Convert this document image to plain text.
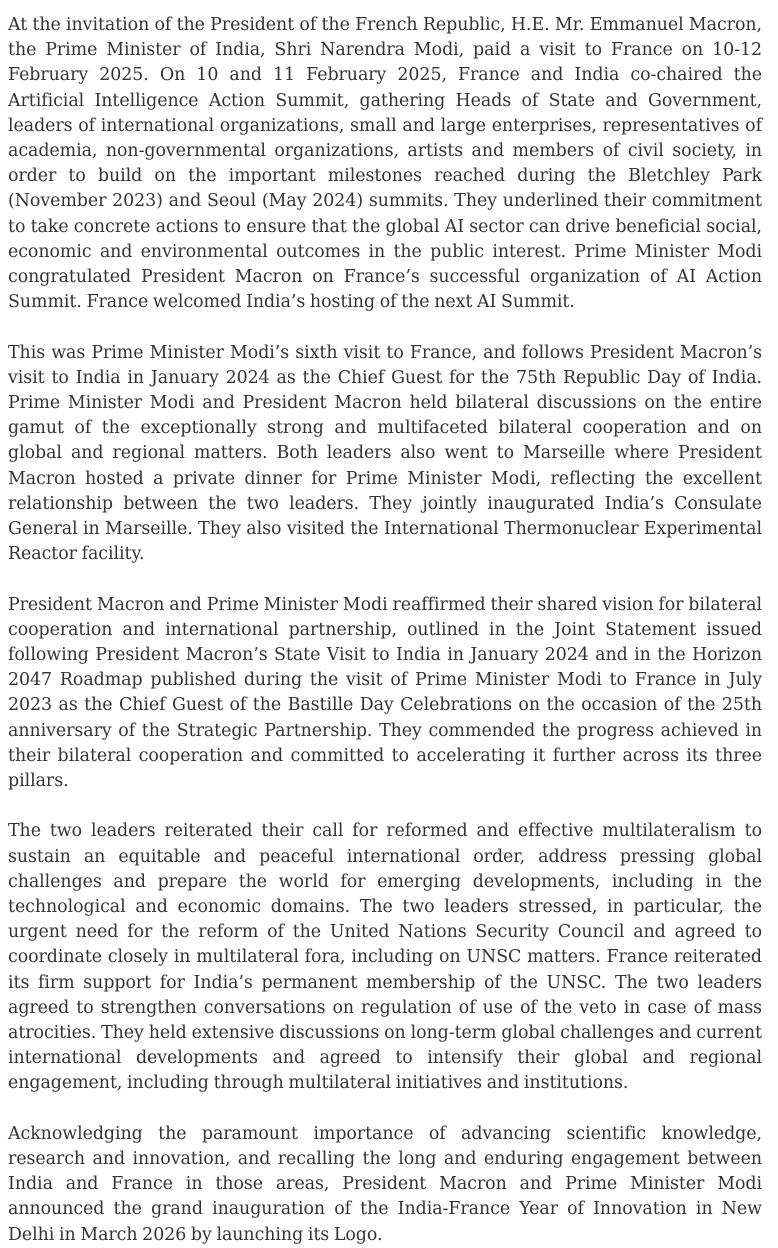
At the invitation of the President of the French Republic, H.E. Mr. Emmanuel Macron, the Prime Minister of India, Shri Narendra Modi, paid a visit to France on 10-12 February 2025. On 10 and 11 February 2025, France and India co-chaired the Artificial Intelligence Action Summit, gathering Heads of State and Government, leaders of international organizations, small and large enterprises, representatives of academia, non-governmental organizations, artists and members of civil society, in order to build on the important milestones reached during the Bletchley Park (November 2023) and Seoul (May 2024) summits. They underlined their commitment to take concrete actions to ensure that the global AI sector can drive beneficial social, economic and environmental outcomes in the public interest. Prime Minister Modi congratulated President Macron on France’s successful organization of AI Action Summit. France welcomed India’s hosting of the next AI Summit.

This was Prime Minister Modi’s sixth visit to France, and follows President Macron’s visit to India in January 2024 as the Chief Guest for the 75th Republic Day of India. Prime Minister Modi and President Macron held bilateral discussions on the entire gamut of the exceptionally strong and multifaceted bilateral cooperation and on global and regional matters. Both leaders also went to Marseille where President Macron hosted a private dinner for Prime Minister Modi, reflecting the excellent relationship between the two leaders. They jointly inaugurated India’s Consulate General in Marseille. They also visited the International Thermonuclear Experimental Reactor facility.

President Macron and Prime Minister Modi reaffirmed their shared vision for bilateral cooperation and international partnership, outlined in the Joint Statement issued following President Macron’s State Visit to India in January 2024 and in the Horizon 2047 Roadmap published during the visit of Prime Minister Modi to France in July 2023 as the Chief Guest of the Bastille Day Celebrations on the occasion of the 25th anniversary of the Strategic Partnership. They commended the progress achieved in their bilateral cooperation and committed to accelerating it further across its three pillars.

The two leaders reiterated their call for reformed and effective multilateralism to sustain an equitable and peaceful international order, address pressing global challenges and prepare the world for emerging developments, including in the technological and economic domains. The two leaders stressed, in particular, the urgent need for the reform of the United Nations Security Council and agreed to coordinate closely in multilateral fora, including on UNSC matters. France reiterated its firm support for India’s permanent membership of the UNSC. The two leaders agreed to strengthen conversations on regulation of use of the veto in case of mass atrocities. They held extensive discussions on long-term global challenges and current international developments and agreed to intensify their global and regional engagement, including through multilateral initiatives and institutions.

Acknowledging the paramount importance of advancing scientific knowledge, research and innovation, and recalling the long and enduring engagement between India and France in those areas, President Macron and Prime Minister Modi announced the grand inauguration of the India-France Year of Innovation in New Delhi in March 2026 by launching its Logo.
